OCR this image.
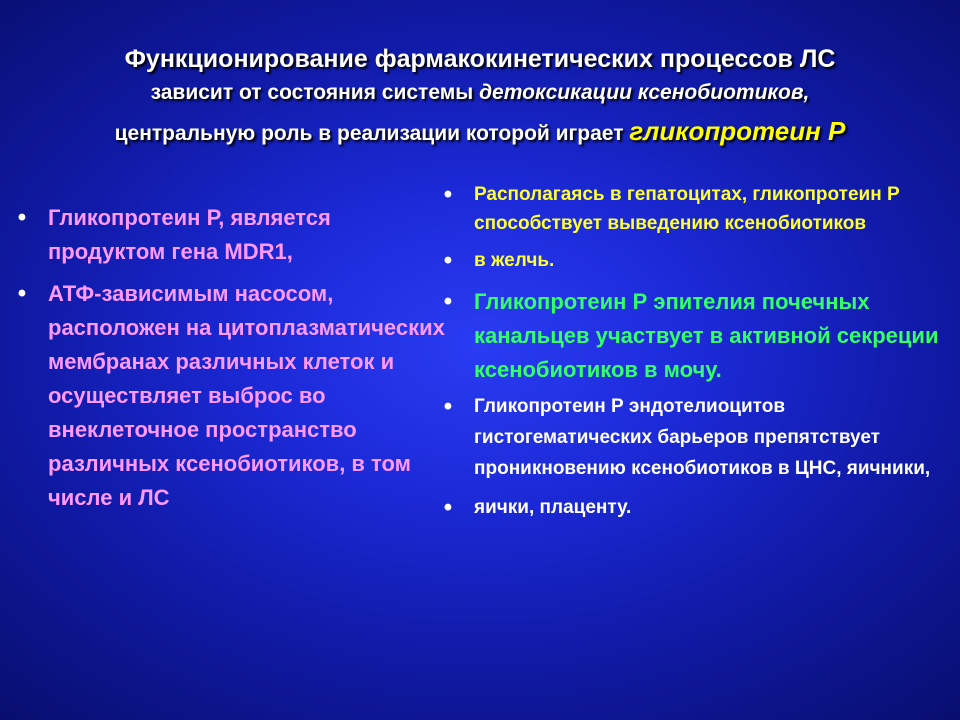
Функционирование фармакокинетических процессов ЛС
зависит от состояния системы детоксикации ксенобиотиков,
центральную роль в реализации которой играет гликопротеин Р
• Гликопротеин Р, является продуктом гена MDR1,
• АТФ-зависимым насосом, расположен на цитоплазматических мембранах различных клеток и осуществляет выброс во внеклеточное пространство различных ксенобиотиков, в том числе и ЛС
•	Располагаясь в гепатоцитах, гликопротеин Р способствует выведению ксенобиотиков
•	в желчь.
• Гликопротеин Р эпителия почечных канальцев участвует в активной секреции ксенобиотиков в мочу.
•	Гликопротеин Р эндотелиоцитов гистогематических барьеров препятствует проникновению ксенобиотиков в ЦНС, яичники,
•	яички, плаценту.
